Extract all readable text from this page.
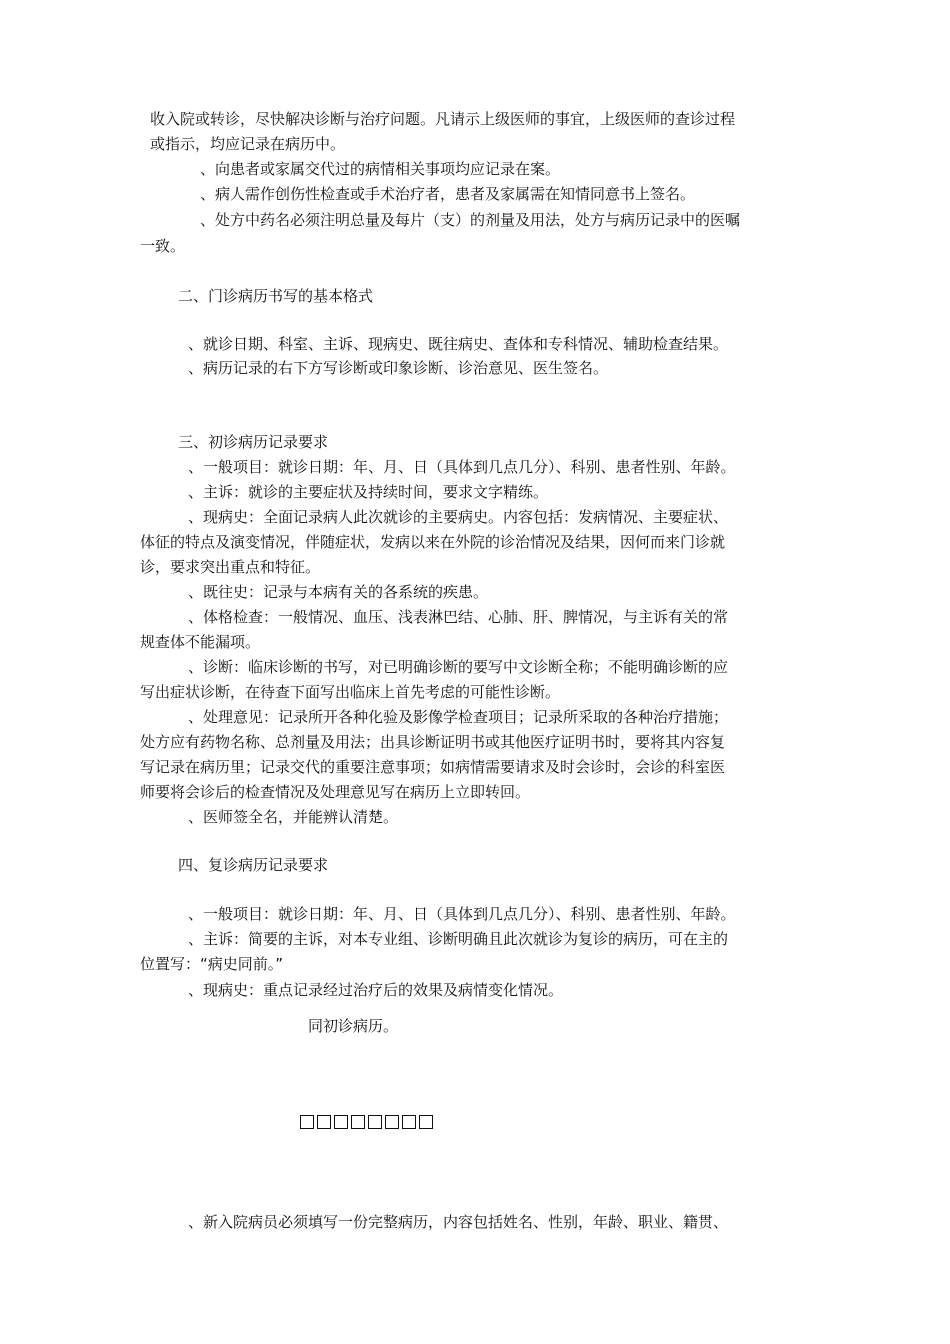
收入院或转诊，尽快解决诊断与治疗问题。凡请示上级医师的事宜，上级医师的查诊过程
或指示，均应记录在病历中。
、向患者或家属交代过的病情相关事项均应记录在案。
、病人需作创伤性检查或手术治疗者，患者及家属需在知情同意书上签名。
、处方中药名必须注明总量及每片（支）的剂量及用法，处方与病历记录中的医嘱
一致。
二、门诊病历书写的基本格式
、就诊日期、科室、主诉、现病史、既往病史、查体和专科情况、辅助检查结果。
、病历记录的右下方写诊断或印象诊断、诊治意见、医生签名。
三、初诊病历记录要求
、一般项目：就诊日期：年、月、日（具体到几点几分）、科别、患者性别、年龄。
、主诉：就诊的主要症状及持续时间，要求文字精练。
、现病史：全面记录病人此次就诊的主要病史。内容包括：发病情况、主要症状、
体征的特点及演变情况，伴随症状，发病以来在外院的诊治情况及结果，因何而来门诊就
诊，要求突出重点和特征。
、既往史：记录与本病有关的各系统的疾患。
、体格检查：一般情况、血压、浅表淋巴结、心肺、肝、脾情况，与主诉有关的常
规查体不能漏项。
、诊断：临床诊断的书写，对已明确诊断的要写中文诊断全称；不能明确诊断的应
写出症状诊断，在待查下面写出临床上首先考虑的可能性诊断。
、处理意见：记录所开各种化验及影像学检查项目；记录所采取的各种治疗措施；
处方应有药物名称、总剂量及用法；出具诊断证明书或其他医疗证明书时，要将其内容复
写记录在病历里；记录交代的重要注意事项；如病情需要请求及时会诊时，会诊的科室医
师要将会诊后的检查情况及处理意见写在病历上立即转回。
、医师签全名，并能辨认清楚。
四、复诊病历记录要求
、一般项目：就诊日期：年、月、日（具体到几点几分）、科别、患者性别、年龄。
、主诉：简要的主诉，对本专业组、诊断明确且此次就诊为复诊的病历，可在主的
位置写：“病史同前。”
、现病史：重点记录经过治疗后的效果及病情变化情况。
同初诊病历。
、新入院病员必须填写一份完整病历，内容包括姓名、性别，年龄、职业、籍贯、
